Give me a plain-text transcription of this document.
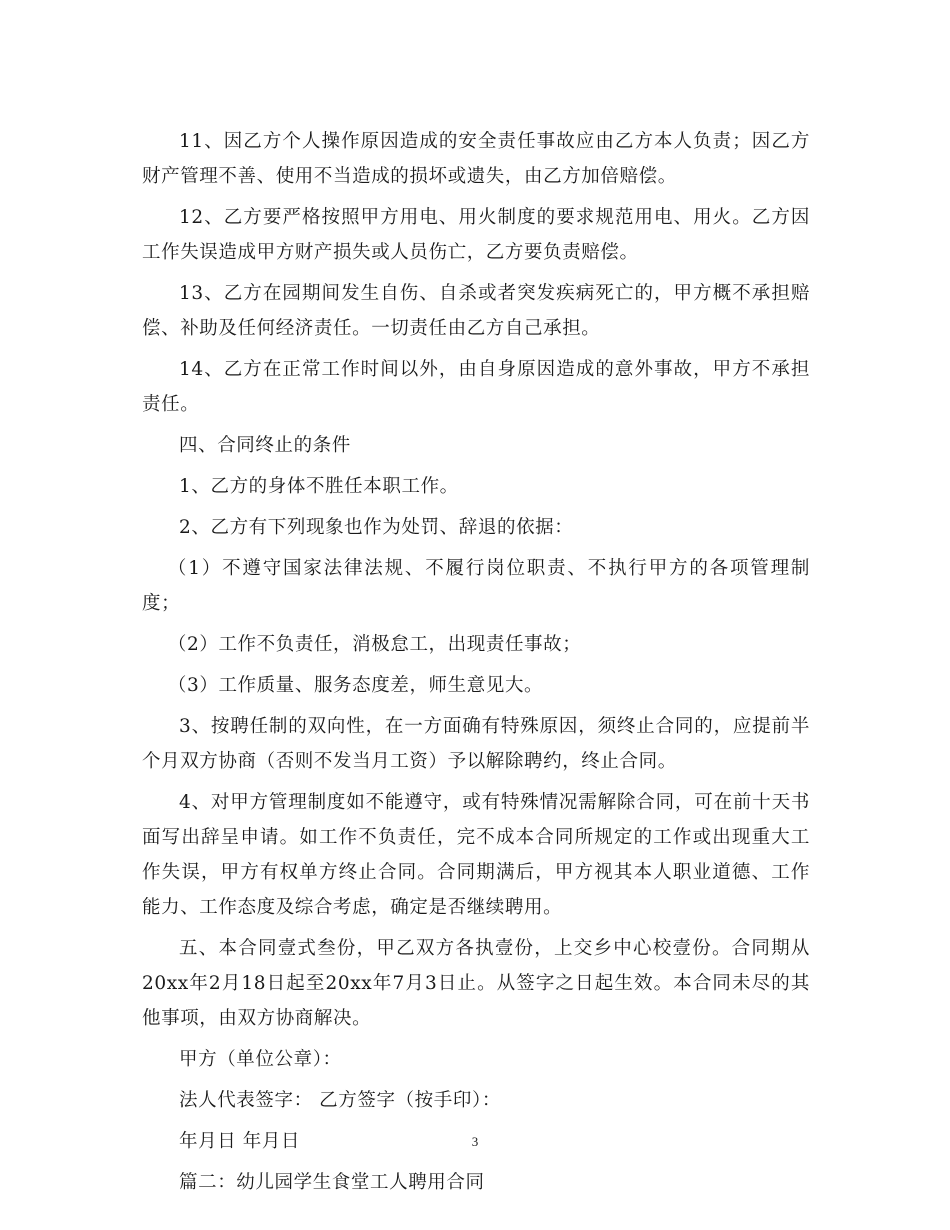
11、因乙方个人操作原因造成的安全责任事故应由乙方本人负责；因乙方财产管理不善、使用不当造成的损坏或遗失，由乙方加倍赔偿。

12、乙方要严格按照甲方用电、用火制度的要求规范用电、用火。乙方因工作失误造成甲方财产损失或人员伤亡，乙方要负责赔偿。

13、乙方在园期间发生自伤、自杀或者突发疾病死亡的，甲方概不承担赔偿、补助及任何经济责任。一切责任由乙方自己承担。

14、乙方在正常工作时间以外，由自身原因造成的意外事故，甲方不承担责任。

四、合同终止的条件

1、乙方的身体不胜任本职工作。

2、乙方有下列现象也作为处罚、辞退的依据：

（1）不遵守国家法律法规、不履行岗位职责、不执行甲方的各项管理制度；

（2）工作不负责任，消极怠工，出现责任事故；

（3）工作质量、服务态度差，师生意见大。

3、按聘任制的双向性，在一方面确有特殊原因，须终止合同的，应提前半个月双方协商（否则不发当月工资）予以解除聘约，终止合同。

4、对甲方管理制度如不能遵守，或有特殊情况需解除合同，可在前十天书面写出辞呈申请。如工作不负责任，完不成本合同所规定的工作或出现重大工作失误，甲方有权单方终止合同。合同期满后，甲方视其本人职业道德、工作能力、工作态度及综合考虑，确定是否继续聘用。

五、本合同壹式叁份，甲乙双方各执壹份，上交乡中心校壹份。合同期从20xx年2月18日起至20xx年7月3日止。从签字之日起生效。本合同未尽的其他事项，由双方协商解决。

甲方（单位公章）：

法人代表签字： 乙方签字（按手印）：

年月日 年月日

篇二：幼儿园学生食堂工人聘用合同

3
